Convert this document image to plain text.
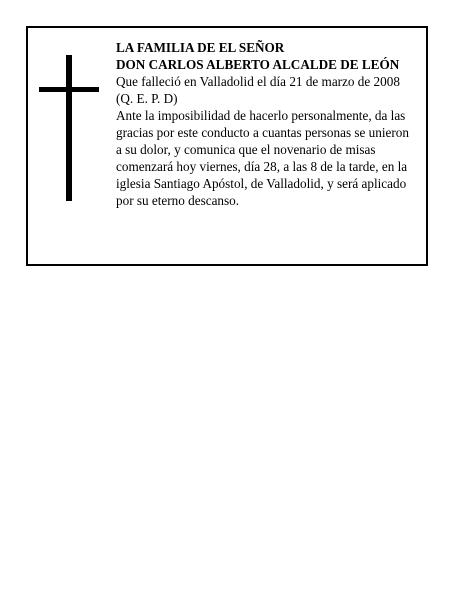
LA FAMILIA DE EL SEÑOR
DON CARLOS ALBERTO ALCALDE DE LEÓN
Que falleció en Valladolid el día 21 de marzo de 2008
(Q. E. P. D)
Ante la imposibilidad de hacerlo personalmente, da las
gracias por este conducto a cuantas personas se unieron
a su dolor, y comunica que el novenario de misas
comenzará hoy viernes, día 28, a las 8 de la tarde, en la
iglesia Santiago Apóstol, de Valladolid, y será aplicado
por su eterno descanso.
